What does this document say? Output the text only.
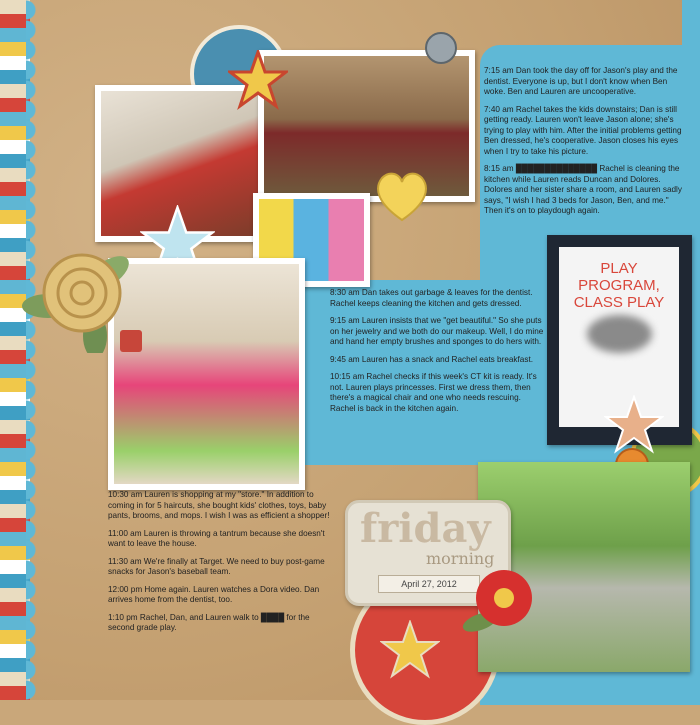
7:15 am Dan took the day off for Jason's play and the dentist. Everyone is up, but I don't know when Ben woke. Ben and Lauren are uncooperative.

7:40 am Rachel takes the kids downstairs; Dan is still getting ready. Lauren won't leave Jason alone; she's trying to play with him. After the initial problems getting Ben dressed, he's cooperative. Jason closes his eyes when I try to take his picture.

8:15 am ██████████████ Rachel is cleaning the kitchen while Lauren reads Duncan and Dolores. Dolores and her sister share a room, and Lauren sadly says, "I wish I had 3 beds for Jason, Ben, and me." Then it's on to playdough again.

8:30 am Dan takes out garbage & leaves for the dentist. Rachel keeps cleaning the kitchen and gets dressed.

9:15 am Lauren insists that we "get beautiful." So she puts on her jewelry and we both do our makeup. Well, I do mine and hand her empty brushes and sponges to do hers with.

9:45 am Lauren has a snack and Rachel eats breakfast.

10:15 am Rachel checks if this week's CT kit is ready. It's not. Lauren plays princesses. First we dress them, then there's a magical chair and one who needs rescuing. Rachel is back in the kitchen again.

PLAY PROGRAM, CLASS PLAY
friday
morning
April 27, 2012

10:30 am Lauren is shopping at my "store." In addition to coming in for 5 haircuts, she bought kids' clothes, toys, baby pants, brooms, and mops. I wish I was as efficient a shopper!

11:00 am Lauren is throwing a tantrum because she doesn't want to leave the house.

11:30 am We're finally at Target. We need to buy post-game snacks for Jason's baseball team.

12:00 pm Home again. Lauren watches a Dora video. Dan arrives home from the dentist, too.

1:10 pm Rachel, Dan, and Lauren walk to ████ for the second grade play.
